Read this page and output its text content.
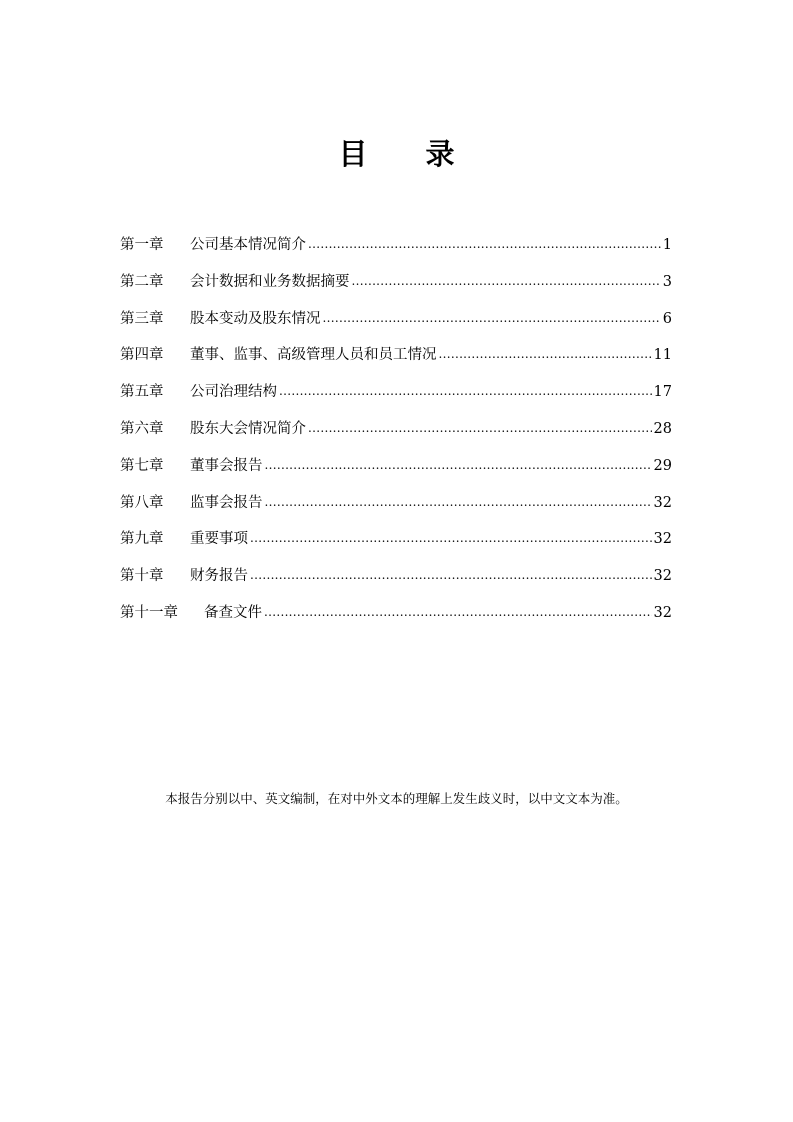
目 录
第一章	公司基本情况简介 .....	1
第二章	会计数据和业务数据摘要 .....	3
第三章	股本变动及股东情况 .....	6
第四章	董事、监事、高级管理人员和员工情况 .....	11
第五章	公司治理结构 .....	17
第六章	股东大会情况简介 .....	28
第七章	董事会报告 .....	29
第八章	监事会报告 .....	32
第九章	重要事项 .....	32
第十章	财务报告 .....	32
第十一章	备查文件 .....	32
本报告分别以中、英文编制，在对中外文本的理解上发生歧义时，以中文文本为准。
